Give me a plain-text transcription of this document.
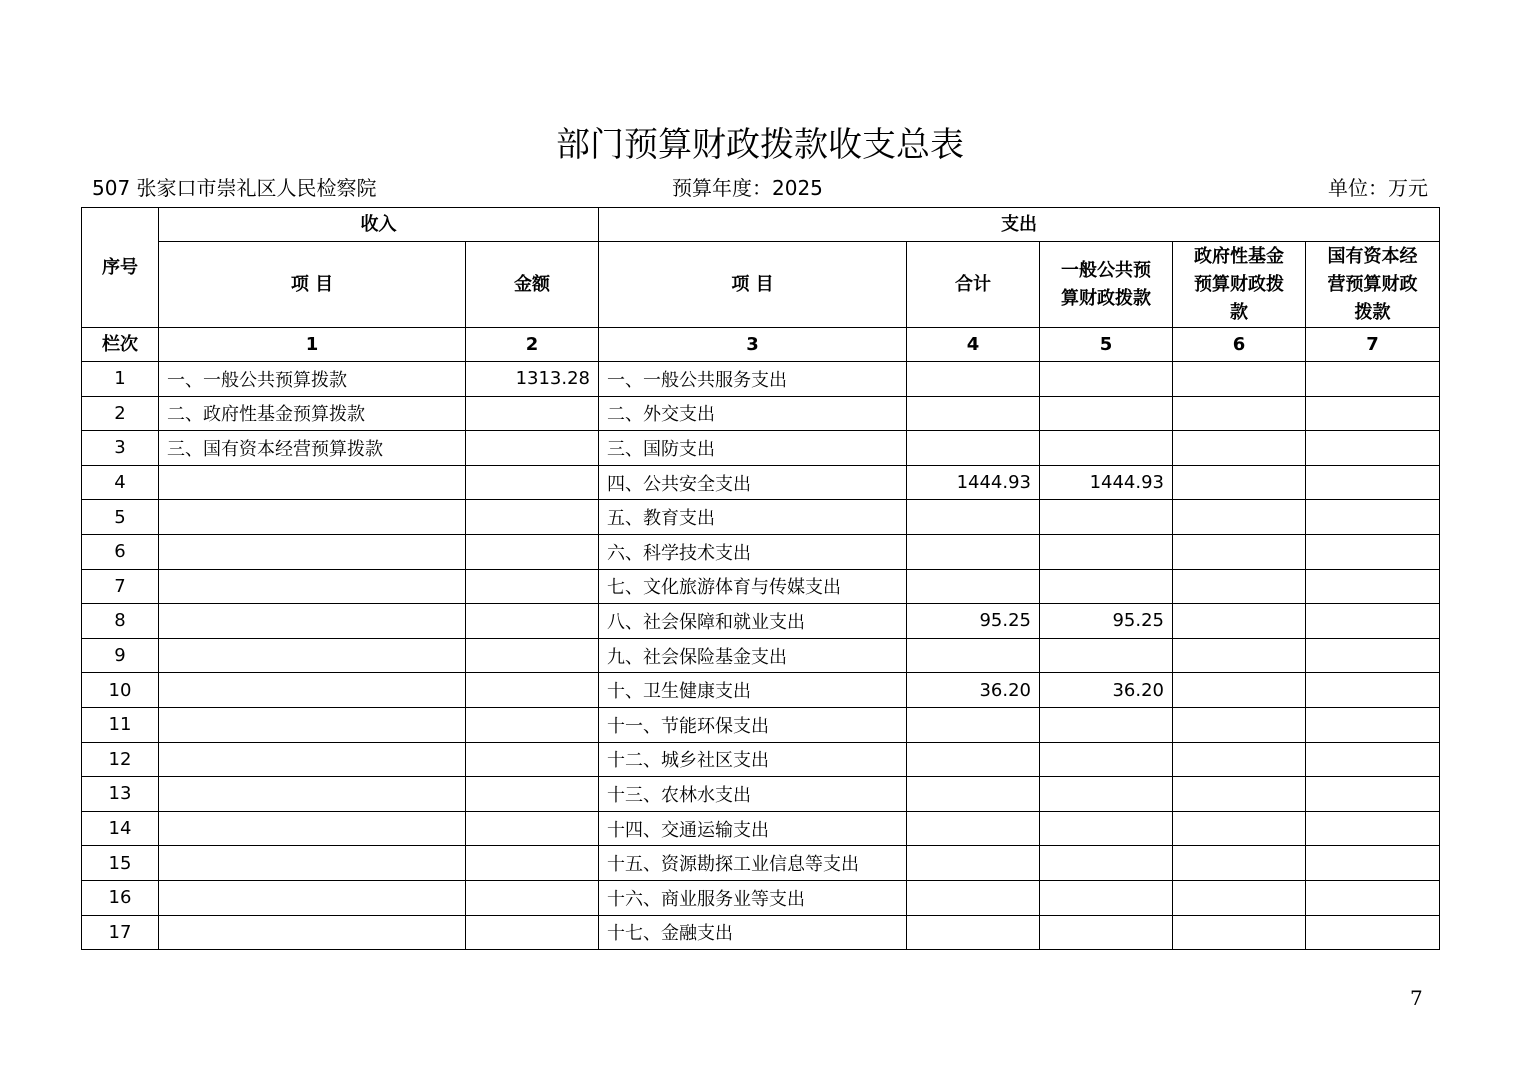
部门预算财政拨款收支总表
507 张家口市崇礼区人民检察院	预算年度：2025	单位：万元
序号	收入		支出				
	项 目	金额	项 目	合计	一般公共预算财政拨款	政府性基金预算财政拨款	国有资本经营预算财政拨款
栏次	1	2	3	4	5	6	7
1	一、一般公共预算拨款	1313.28	一、一般公共服务支出				
2	二、政府性基金预算拨款		二、外交支出				
3	三、国有资本经营预算拨款		三、国防支出				
4			四、公共安全支出	1444.93	1444.93		
5			五、教育支出				
6			六、科学技术支出				
7			七、文化旅游体育与传媒支出				
8			八、社会保障和就业支出	95.25	95.25		
9			九、社会保险基金支出				
10			十、卫生健康支出	36.20	36.20		
11			十一、节能环保支出				
12			十二、城乡社区支出				
13			十三、农林水支出				
14			十四、交通运输支出				
15			十五、资源勘探工业信息等支出				
16			十六、商业服务业等支出				
17			十七、金融支出				
7
